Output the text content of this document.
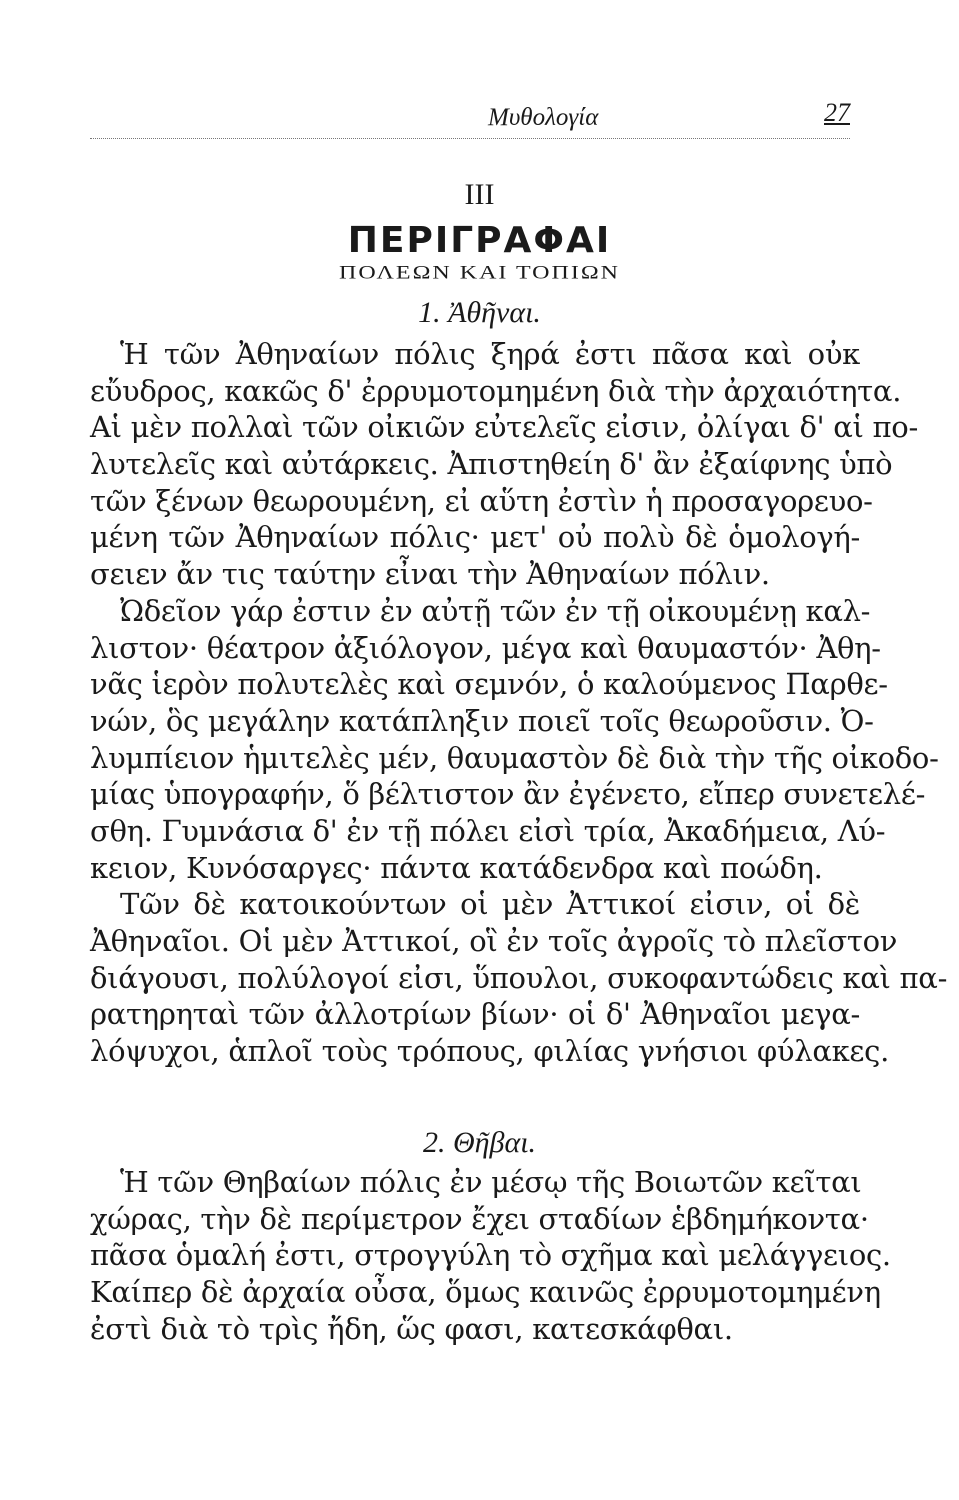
Μυθολογία	27
III
ΠΕΡΙΓΡΑΦΑΙ
ΠΟΛΕΩΝ ΚΑΙ ΤΟΠΙΩΝ
1. Ἀθῆναι.
Ἡ τῶν Ἀθηναίων πόλις ξηρά ἐστι πᾶσα καὶ οὐκ
εὔυδρος, κακῶς δ' ἐρρυμοτομημένη διὰ τὴν ἀρχαιότητα.
Αἱ μὲν πολλαὶ τῶν οἰκιῶν εὐτελεῖς εἰσιν, ὀλίγαι δ' αἱ πο-
λυτελεῖς καὶ αὐτάρκεις. Ἀπιστηθείη δ' ἂν ἐξαίφνης ὑπὸ
τῶν ξένων θεωρουμένη, εἰ αὕτη ἐστὶν ἡ προσαγορευο-
μένη τῶν Ἀθηναίων πόλις· μετ' οὐ πολὺ δὲ ὁμολογή-
σειεν ἄν τις ταύτην εἶναι τὴν Ἀθηναίων πόλιν.
Ὠδεῖον γάρ ἐστιν ἐν αὐτῇ τῶν ἐν τῇ οἰκουμένῃ καλ-
λιστον· θέατρον ἀξιόλογον, μέγα καὶ θαυμαστόν· Ἀθη-
νᾶς ἱερὸν πολυτελὲς καὶ σεμνόν, ὁ καλούμενος Παρθε-
νών, ὃς μεγάλην κατάπληξιν ποιεῖ τοῖς θεωροῦσιν. Ὀ-
λυμπίειον ἡμιτελὲς μέν, θαυμαστὸν δὲ διὰ τὴν τῆς οἰκοδο-
μίας ὑπογραφήν, ὅ βέλτιστον ἂν ἐγένετο, εἴπερ συνετελέ-
σθη. Γυμνάσια δ' ἐν τῇ πόλει εἰσὶ τρία, Ἀκαδήμεια, Λύ-
κειον, Κυνόσαργες· πάντα κατάδενδρα καὶ ποώδη.
Τῶν δὲ κατοικούντων οἱ μὲν Ἀττικοί εἰσιν, οἱ δὲ
Ἀθηναῖοι. Οἱ μὲν Ἀττικοί, οἳ ἐν τοῖς ἀγροῖς τὸ πλεῖστον
διάγουσι, πολύλογοί εἰσι, ὕπουλοι, συκοφαντώδεις καὶ πα-
ρατηρηταὶ τῶν ἀλλοτρίων βίων· οἱ δ' Ἀθηναῖοι μεγα-
λόψυχοι, ἁπλοῖ τοὺς τρόπους, φιλίας γνήσιοι φύλακες.
2. Θῆβαι.
Ἡ τῶν Θηβαίων πόλις ἐν μέσῳ τῆς Βοιωτῶν κεῖται
χώρας, τὴν δὲ περίμετρον ἔχει σταδίων ἑβδημήκοντα·
πᾶσα ὁμαλή ἐστι, στρογγύλη τὸ σχῆμα καὶ μελάγγειος.
Καίπερ δὲ ἀρχαία οὖσα, ὅμως καινῶς ἐρρυμοτομημένη
ἐστὶ διὰ τὸ τρὶς ἤδη, ὥς φασι, κατεσκάφθαι.
